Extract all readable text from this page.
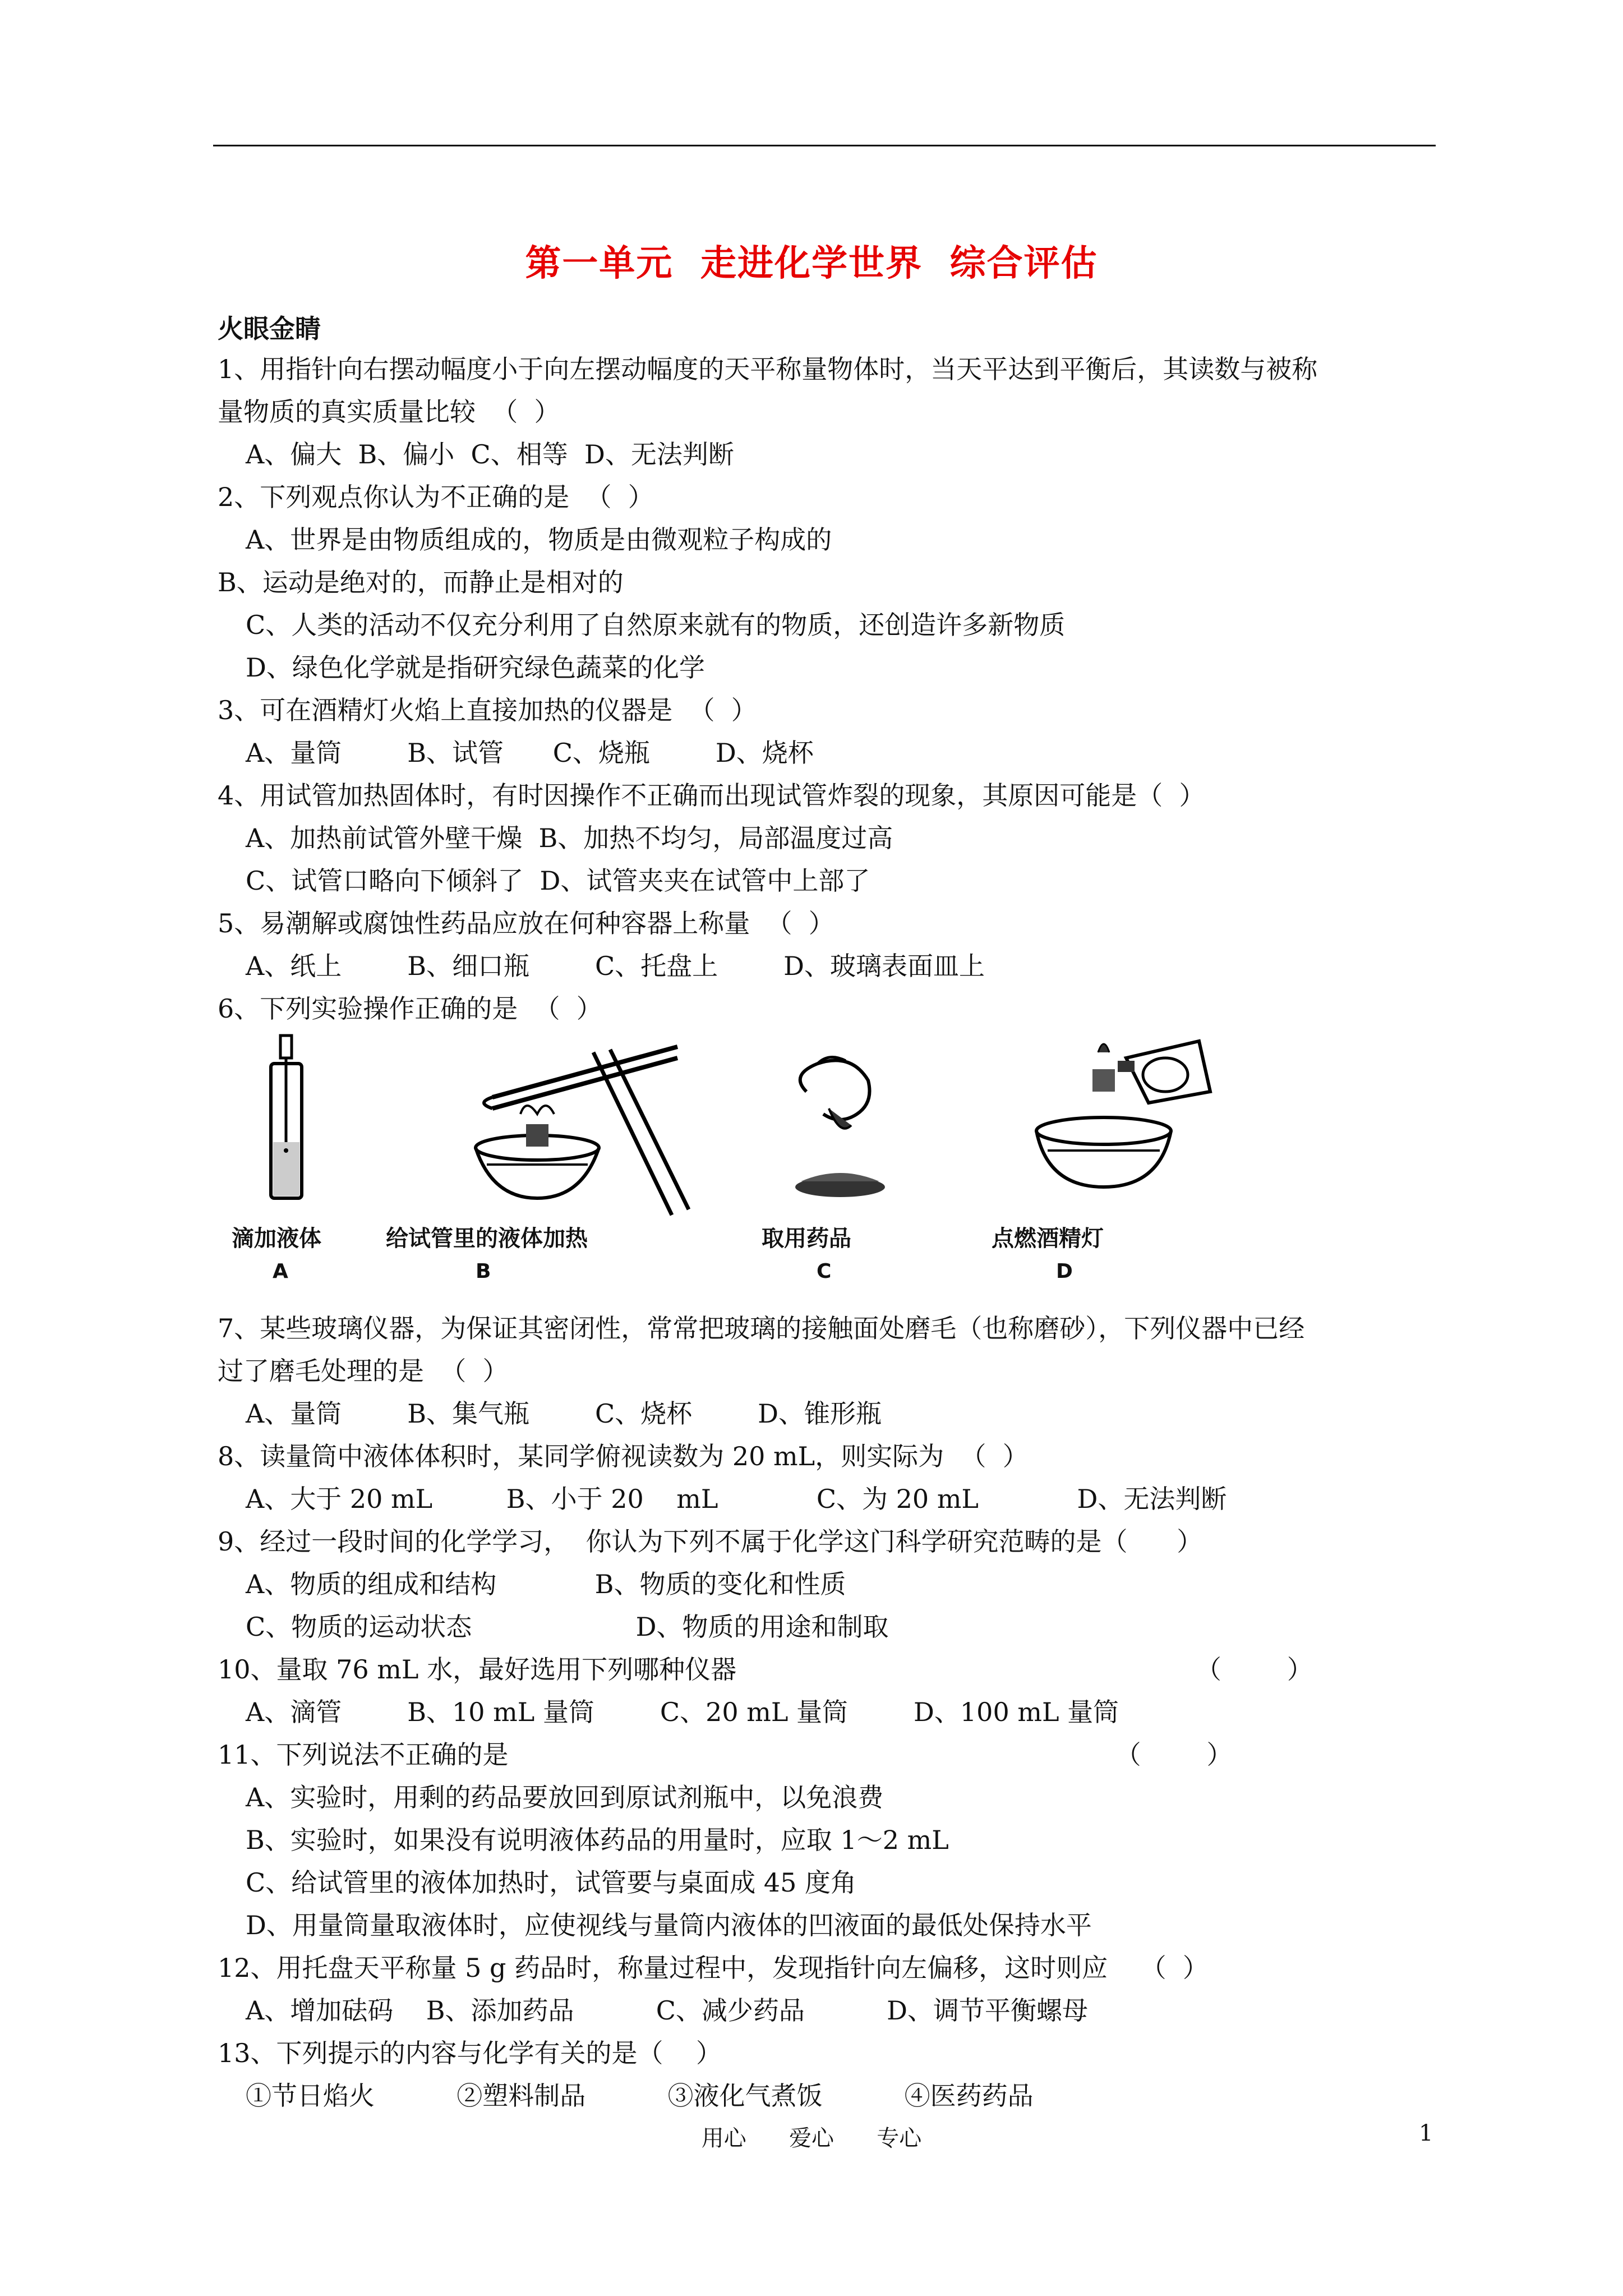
第一单元  走进化学世界  综合评估
火眼金睛
1、用指针向右摆动幅度小于向左摆动幅度的天平称量物体时，当天平达到平衡后，其读数与被称
量物质的真实质量比较  （  ）
A、偏大  B、偏小  C、相等  D、无法判断
2、下列观点你认为不正确的是  （  ）
A、世界是由物质组成的，物质是由微观粒子构成的
B、运动是绝对的，而静止是相对的
C、人类的活动不仅充分利用了自然原来就有的物质，还创造许多新物质
D、绿色化学就是指研究绿色蔬菜的化学
3、可在酒精灯火焰上直接加热的仪器是  （  ）
A、量筒        B、试管      C、烧瓶        D、烧杯
4、用试管加热固体时，有时因操作不正确而出现试管炸裂的现象，其原因可能是（  ）
A、加热前试管外壁干燥  B、加热不均匀，局部温度过高
C、试管口略向下倾斜了  D、试管夹夹在试管中上部了
5、易潮解或腐蚀性药品应放在何种容器上称量  （  ）
A、纸上        B、细口瓶        C、托盘上        D、玻璃表面皿上
6、下列实验操作正确的是  （  ）
滴加液体	给试管里的液体加热	取用药品	点燃酒精灯
A	B	C	D
7、某些玻璃仪器，为保证其密闭性，常常把玻璃的接触面处磨毛（也称磨砂），下列仪器中已经
过了磨毛处理的是  （  ）
A、量筒        B、集气瓶        C、烧杯        D、锥形瓶
8、读量筒中液体体积时，某同学俯视读数为 20 mL，则实际为  （  ）
A、大于 20 mL         B、小于 20    mL            C、为 20 mL            D、无法判断
9、经过一段时间的化学学习，  你认为下列不属于化学这门科学研究范畴的是（      ）
A、物质的组成和结构            B、物质的变化和性质
C、物质的运动状态                    D、物质的用途和制取
10、量取 76 mL 水，最好选用下列哪种仪器                                                        （        ）
A、滴管        B、10 mL 量筒        C、20 mL 量筒        D、100 mL 量筒
11、下列说法不正确的是                                                                          （        ）
A、实验时，用剩的药品要放回到原试剂瓶中，以免浪费
B、实验时，如果没有说明液体药品的用量时，应取 1～2 mL
C、给试管里的液体加热时，试管要与桌面成 45 度角
D、用量筒量取液体时，应使视线与量筒内液体的凹液面的最低处保持水平
12、用托盘天平称量 5 g 药品时，称量过程中，发现指针向左偏移，这时则应    （  ）
A、增加砝码    B、添加药品          C、减少药品          D、调节平衡螺母
13、下列提示的内容与化学有关的是（    ）
①节日焰火          ②塑料制品          ③液化气煮饭          ④医药药品
用心      爱心      专心	1
